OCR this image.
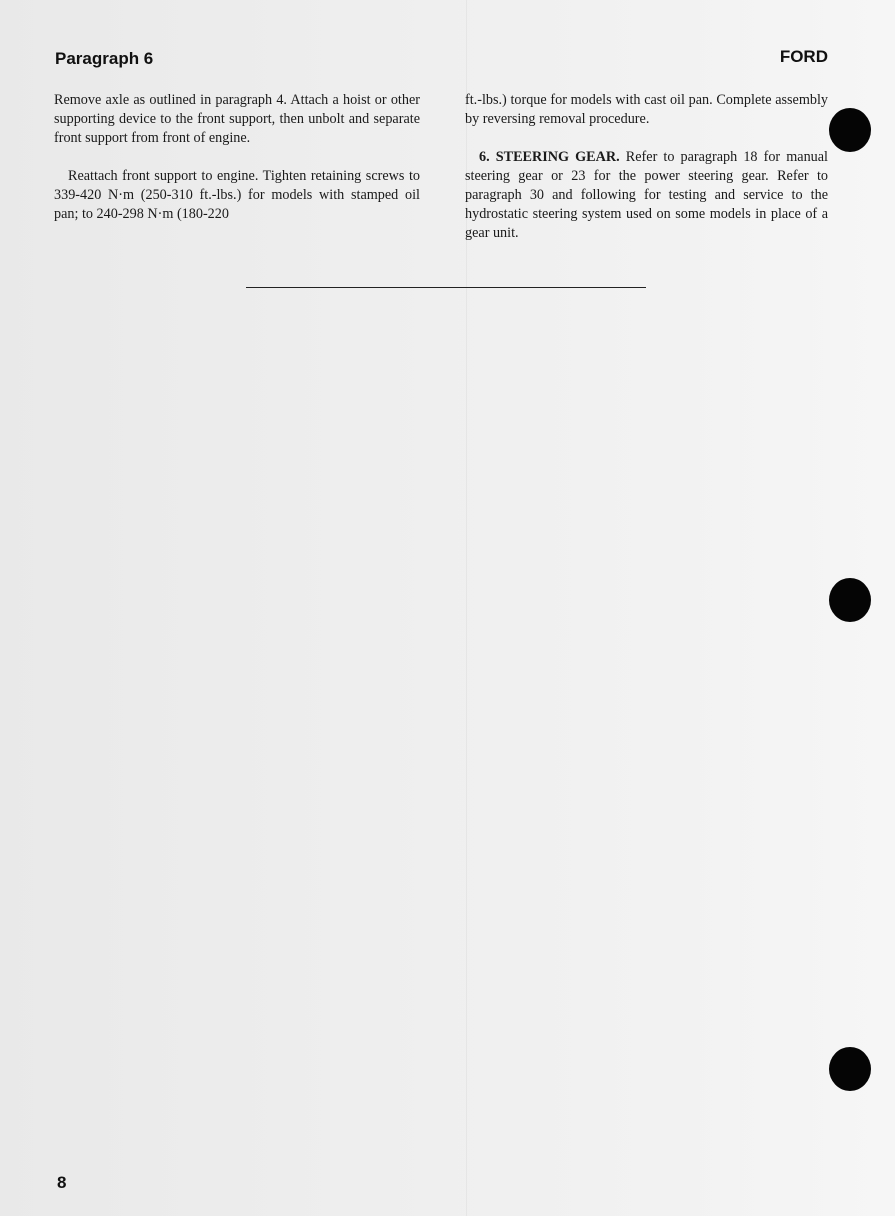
Paragraph 6	FORD

Remove axle as outlined in paragraph 4. Attach a hoist or other supporting device to the front support, then unbolt and separate front support from front of engine.

Reattach front support to engine. Tighten retaining screws to 339-420 N·m (250-310 ft.-lbs.) for models with stamped oil pan; to 240-298 N·m (180-220

ft.-lbs.) torque for models with cast oil pan. Complete assembly by reversing removal procedure.

6. STEERING GEAR. Refer to paragraph 18 for manual steering gear or 23 for the power steering gear. Refer to paragraph 30 and following for testing and service to the hydrostatic steering system used on some models in place of a gear unit.

8
